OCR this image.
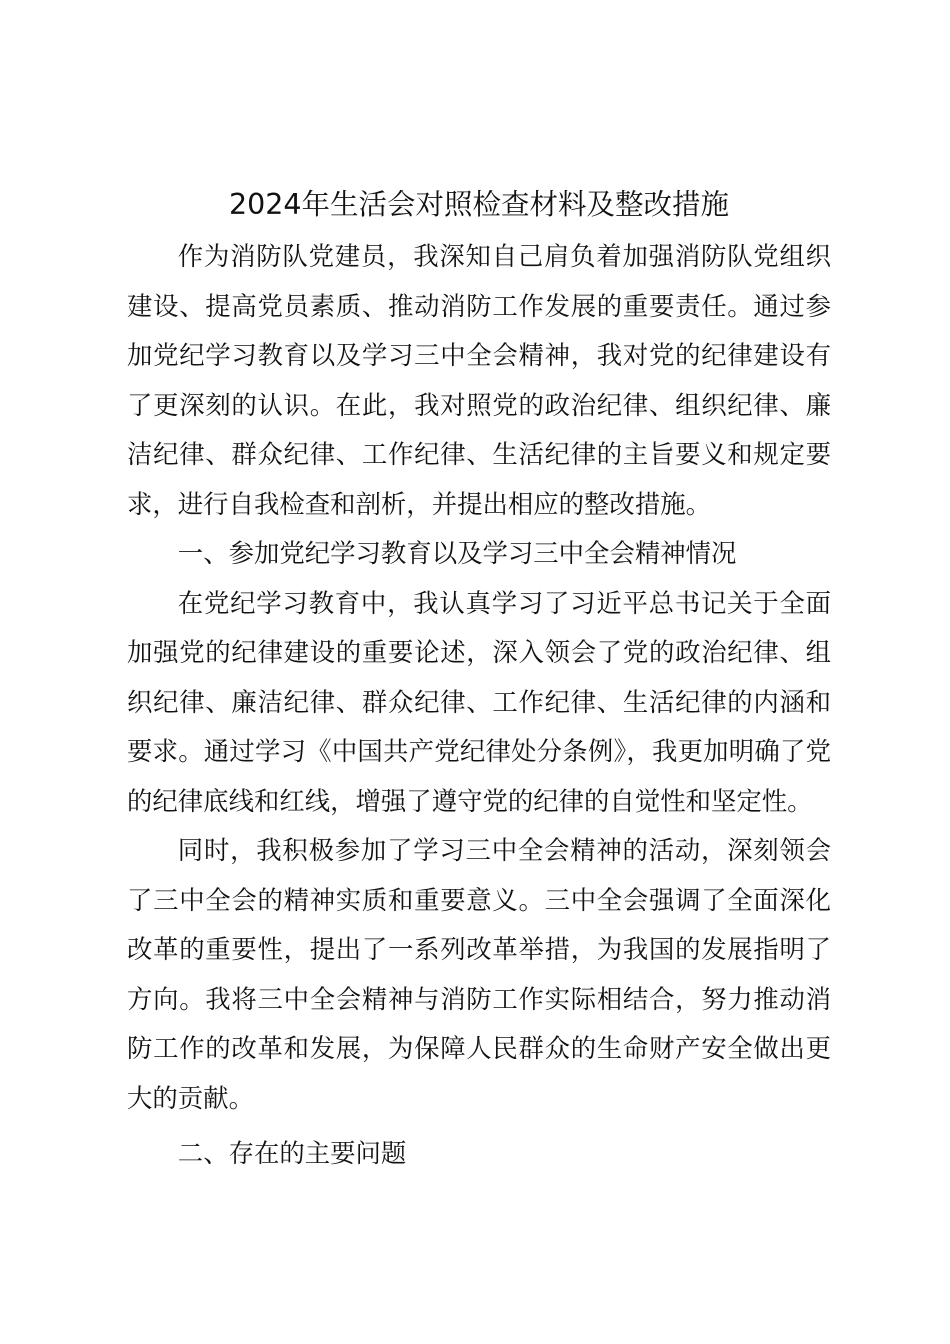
2024年生活会对照检查材料及整改措施

作为消防队党建员，我深知自己肩负着加强消防队党组织建设、提高党员素质、推动消防工作发展的重要责任。通过参加党纪学习教育以及学习三中全会精神，我对党的纪律建设有了更深刻的认识。在此，我对照党的政治纪律、组织纪律、廉洁纪律、群众纪律、工作纪律、生活纪律的主旨要义和规定要求，进行自我检查和剖析，并提出相应的整改措施。

一、参加党纪学习教育以及学习三中全会精神情况

在党纪学习教育中，我认真学习了习近平总书记关于全面加强党的纪律建设的重要论述，深入领会了党的政治纪律、组织纪律、廉洁纪律、群众纪律、工作纪律、生活纪律的内涵和要求。通过学习《中国共产党纪律处分条例》，我更加明确了党的纪律底线和红线，增强了遵守党的纪律的自觉性和坚定性。

同时，我积极参加了学习三中全会精神的活动，深刻领会了三中全会的精神实质和重要意义。三中全会强调了全面深化改革的重要性，提出了一系列改革举措，为我国的发展指明了方向。我将三中全会精神与消防工作实际相结合，努力推动消防工作的改革和发展，为保障人民群众的生命财产安全做出更大的贡献。

二、存在的主要问题
